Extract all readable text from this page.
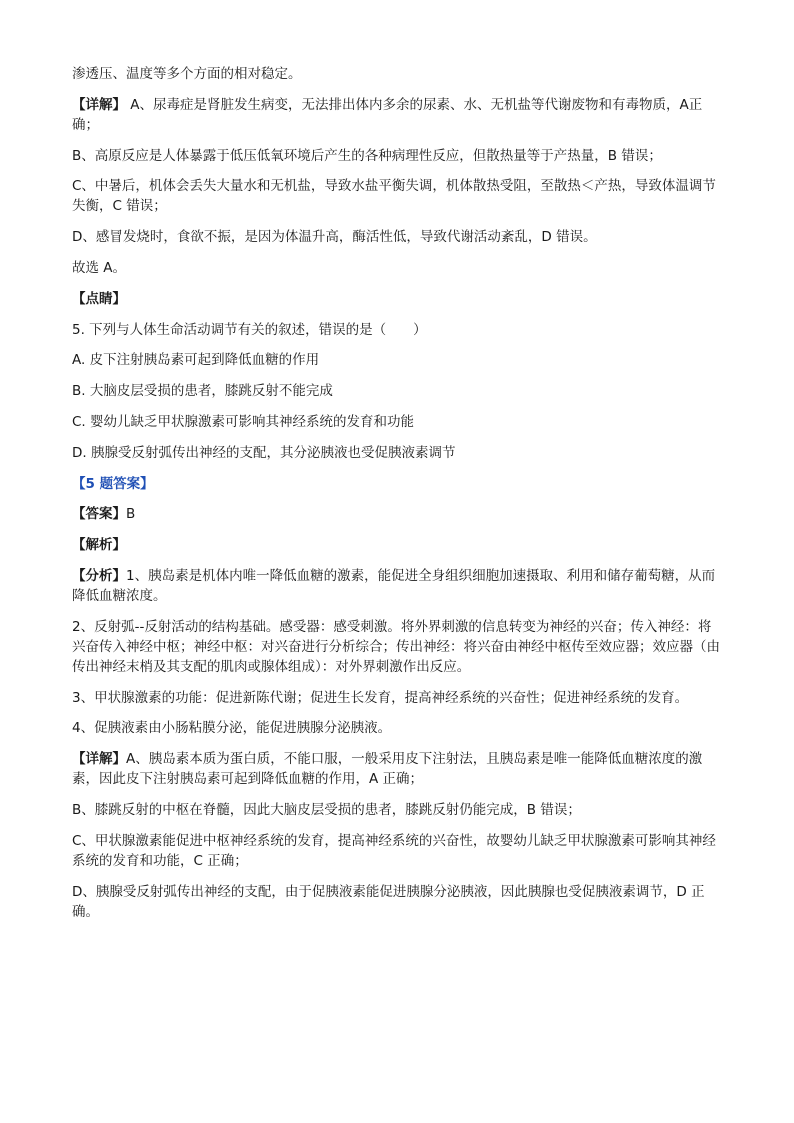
渗透压、温度等多个方面的相对稳定。

【详解】 A、尿毒症是肾脏发生病变，无法排出体内多余的尿素、水、无机盐等代谢废物和有毒物质，A正确；

B、高原反应是人体暴露于低压低氧环境后产生的各种病理性反应，但散热量等于产热量，B 错误；

C、中暑后，机体会丢失大量水和无机盐，导致水盐平衡失调，机体散热受阻，至散热＜产热，导致体温调节失衡，C 错误；

D、感冒发烧时，食欲不振，是因为体温升高，酶活性低，导致代谢活动紊乱，D 错误。

故选 A。

【点睛】

5. 下列与人体生命活动调节有关的叙述，错误的是（　　）

A. 皮下注射胰岛素可起到降低血糖的作用

B. 大脑皮层受损的患者，膝跳反射不能完成

C. 婴幼儿缺乏甲状腺激素可影响其神经系统的发育和功能

D. 胰腺受反射弧传出神经的支配，其分泌胰液也受促胰液素调节

【5 题答案】

【答案】B

【解析】

【分析】1、胰岛素是机体内唯一降低血糖的激素，能促进全身组织细胞加速摄取、利用和储存葡萄糖，从而降低血糖浓度。

2、反射弧--反射活动的结构基础。感受器：感受刺激。将外界刺激的信息转变为神经的兴奋；传入神经：将兴奋传入神经中枢；神经中枢：对兴奋进行分析综合；传出神经：将兴奋由神经中枢传至效应器；效应器（由传出神经末梢及其支配的肌肉或腺体组成）：对外界刺激作出反应。

3、甲状腺激素的功能：促进新陈代谢；促进生长发育，提高神经系统的兴奋性；促进神经系统的发育。

4、促胰液素由小肠粘膜分泌，能促进胰腺分泌胰液。

【详解】A、胰岛素本质为蛋白质，不能口服，一般采用皮下注射法，且胰岛素是唯一能降低血糖浓度的激素，因此皮下注射胰岛素可起到降低血糖的作用，A 正确；

B、膝跳反射的中枢在脊髓，因此大脑皮层受损的患者，膝跳反射仍能完成，B 错误；

C、甲状腺激素能促进中枢神经系统的发育，提高神经系统的兴奋性，故婴幼儿缺乏甲状腺激素可影响其神经系统的发育和功能，C 正确；

D、胰腺受反射弧传出神经的支配，由于促胰液素能促进胰腺分泌胰液，因此胰腺也受促胰液素调节，D 正确。
